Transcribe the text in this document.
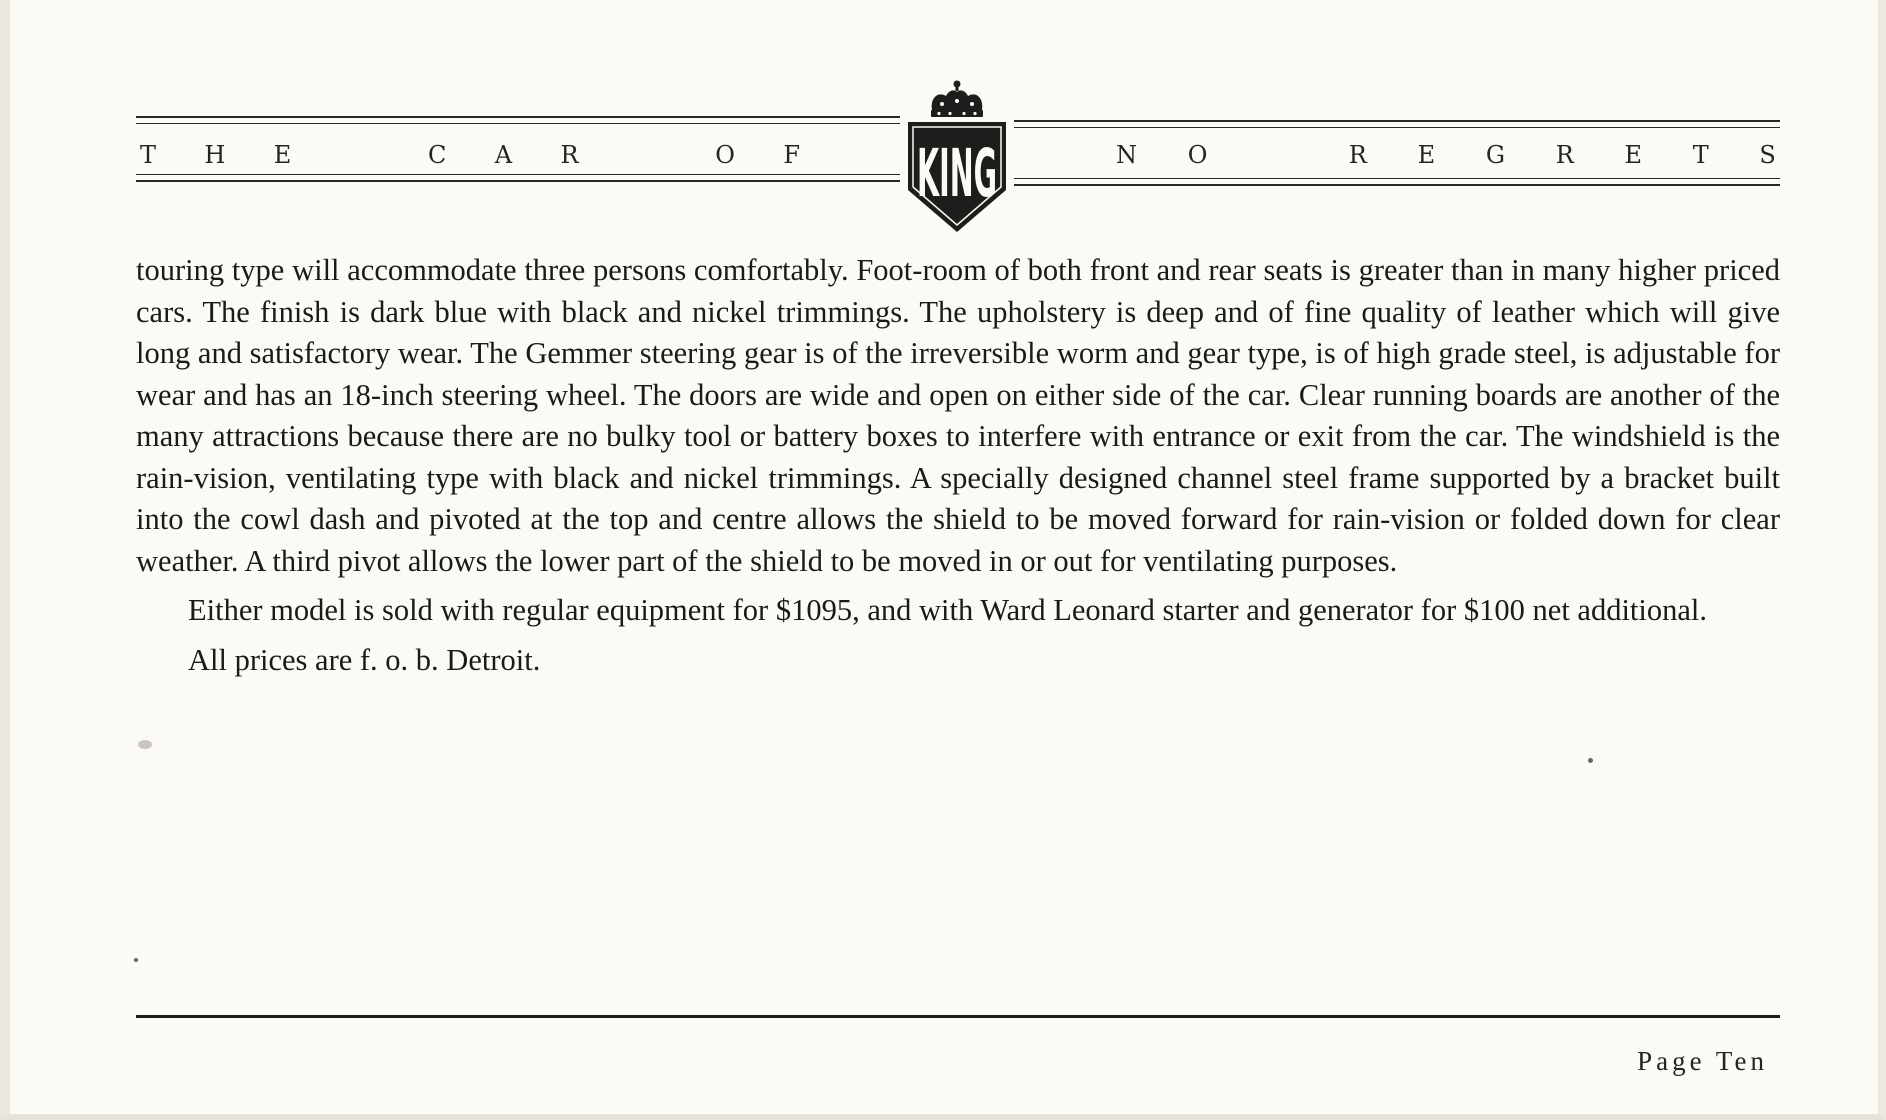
T H E	C A R	O F KING	N O	R E G R E T S

touring type will accommodate three persons comfortably. Foot-room of both front and rear seats is greater than in many higher priced cars. The finish is dark blue with black and nickel trimmings. The upholstery is deep and of fine quality of leather which will give long and satisfactory wear. The Gemmer steering gear is of the irreversible worm and gear type, is of high grade steel, is adjustable for wear and has an 18-inch steering wheel. The doors are wide and open on either side of the car. Clear running boards are another of the many attractions because there are no bulky tool or battery boxes to interfere with entrance or exit from the car. The windshield is the rain-vision, ventilating type with black and nickel trimmings. A specially designed channel steel frame supported by a bracket built into the cowl dash and pivoted at the top and centre allows the shield to be moved forward for rain-vision or folded down for clear weather. A third pivot allows the lower part of the shield to be moved in or out for ventilating purposes.

Either model is sold with regular equipment for $1095, and with Ward Leonard starter and generator for $100 net additional.

All prices are f. o. b. Detroit.

Page Ten
